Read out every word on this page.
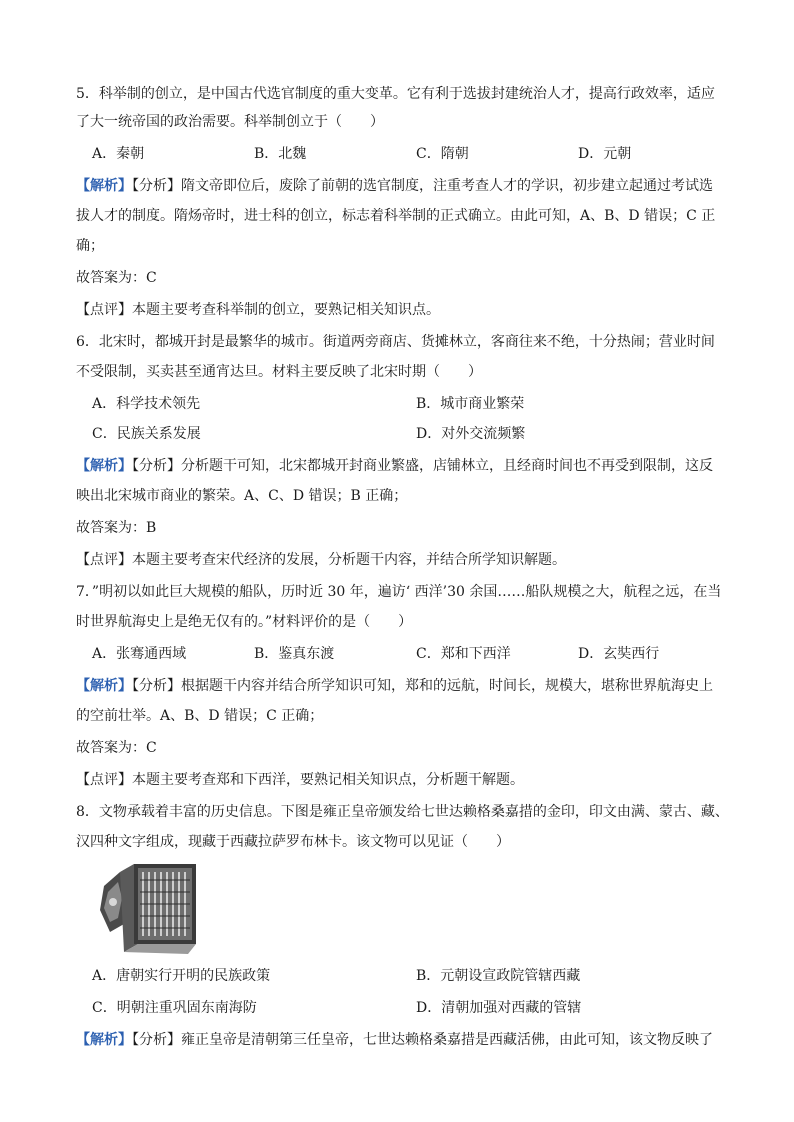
5．科举制的创立，是中国古代选官制度的重大变革。它有利于选拔封建统治人才，提高行政效率，适应
了大一统帝国的政治需要。科举制创立于（　　）
A．秦朝	B．北魏	C．隋朝	D．元朝
【解析】【分析】隋文帝即位后，废除了前朝的选官制度，注重考查人才的学识，初步建立起通过考试选
拔人才的制度。隋炀帝时，进士科的创立，标志着科举制的正式确立。由此可知，A、B、D 错误；C 正
确；
故答案为：C
【点评】本题主要考查科举制的创立，要熟记相关知识点。
6．北宋时，都城开封是最繁华的城市。街道两旁商店、货摊林立，客商往来不绝，十分热闹；营业时间
不受限制，买卖甚至通宵达旦。材料主要反映了北宋时期（　　）
A．科学技术领先	B．城市商业繁荣
C．民族关系发展	D．对外交流频繁
【解析】【分析】分析题干可知，北宋都城开封商业繁盛，店铺林立，且经商时间也不再受到限制，这反
映出北宋城市商业的繁荣。A、C、D 错误；B 正确；
故答案为：B
【点评】本题主要考查宋代经济的发展，分析题干内容，并结合所学知识解题。
7．”明初以如此巨大规模的船队，历时近 30 年，遍访‘ 西洋’30 余国……船队规模之大，航程之远，在当
时世界航海史上是绝无仅有的。”材料评价的是（　　）
A．张骞通西域	B．鉴真东渡	C．郑和下西洋	D．玄奘西行
【解析】【分析】根据题干内容并结合所学知识可知，郑和的远航，时间长，规模大，堪称世界航海史上
的空前壮举。A、B、D 错误；C 正确；
故答案为：C
【点评】本题主要考查郑和下西洋，要熟记相关知识点，分析题干解题。
8．文物承载着丰富的历史信息。下图是雍正皇帝颁发给七世达赖格桑嘉措的金印，印文由满、蒙古、藏、
汉四种文字组成，现藏于西藏拉萨罗布林卡。该文物可以见证（　　）
A．唐朝实行开明的民族政策	B．元朝设宣政院管辖西藏
C．明朝注重巩固东南海防	D．清朝加强对西藏的管辖
【解析】【分析】雍正皇帝是清朝第三任皇帝，七世达赖格桑嘉措是西藏活佛，由此可知，该文物反映了
